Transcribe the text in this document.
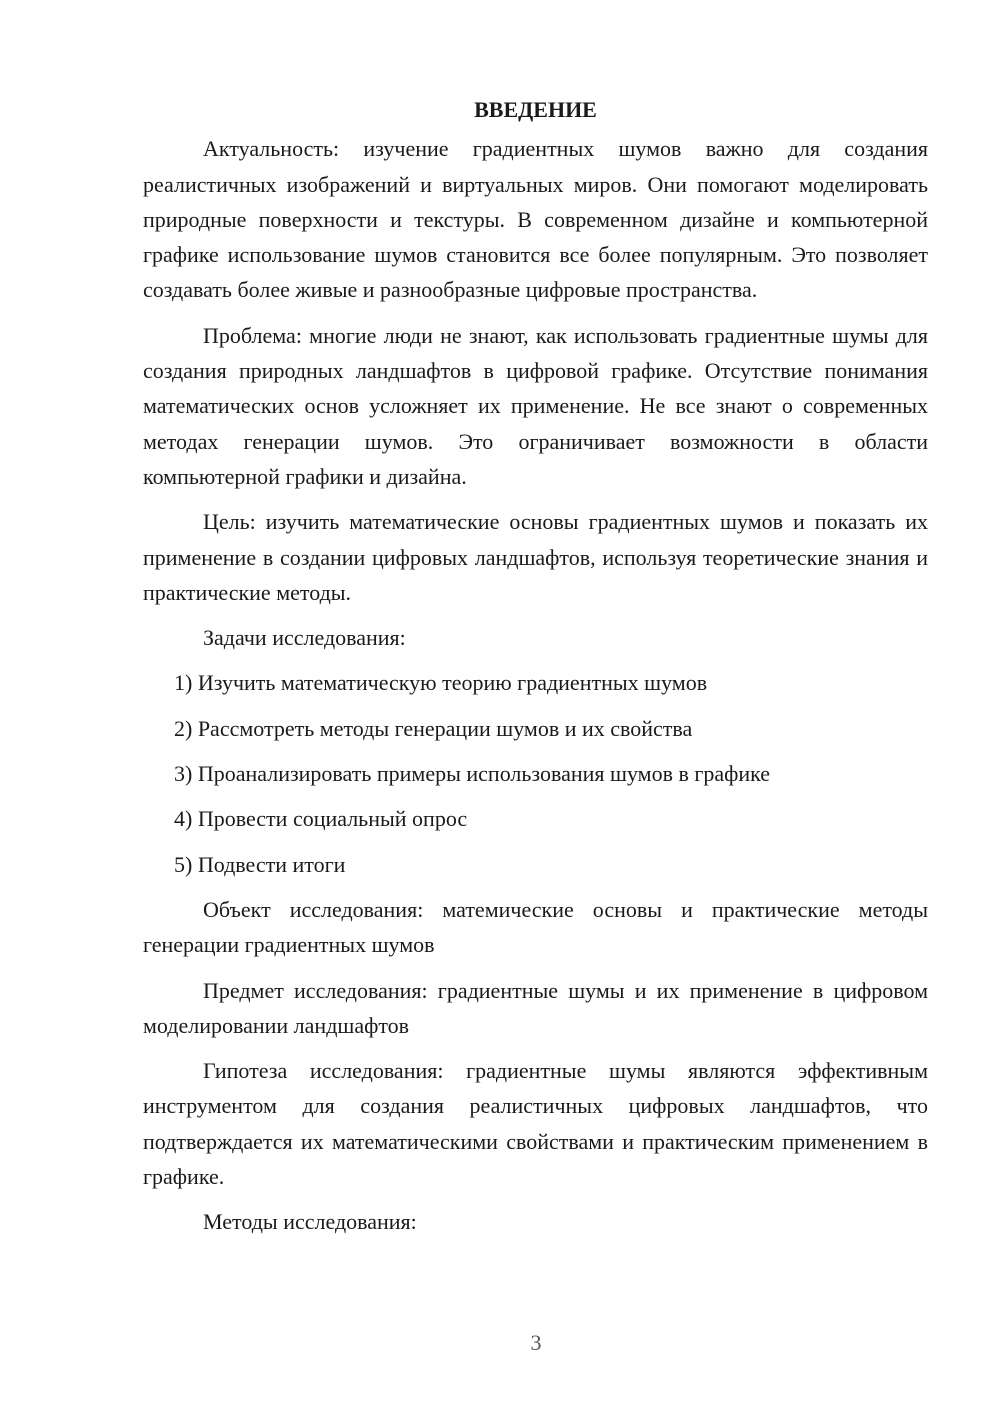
ВВЕДЕНИЕ

Актуальность: изучение градиентных шумов важно для создания реалистичных изображений и виртуальных миров. Они помогают моделировать природные поверхности и текстуры. В современном дизайне и компьютерной графике использование шумов становится все более популярным. Это позволяет создавать более живые и разнообразные цифровые пространства.

Проблема: многие люди не знают, как использовать градиентные шумы для создания природных ландшафтов в цифровой графике. Отсутствие понимания математических основ усложняет их применение. Не все знают о современных методах генерации шумов. Это ограничивает возможности в области компьютерной графики и дизайна.

Цель: изучить математические основы градиентных шумов и показать их применение в создании цифровых ландшафтов, используя теоретические знания и практические методы.

Задачи исследования:

1) Изучить математическую теорию градиентных шумов
2) Рассмотреть методы генерации шумов и их свойства
3) Проанализировать примеры использования шумов в графике
4) Провести социальный опрос
5) Подвести итоги

Объект исследования: матемические основы и практические методы генерации градиентных шумов

Предмет исследования: градиентные шумы и их применение в цифровом моделировании ландшафтов

Гипотеза исследования: градиентные шумы являются эффективным инструментом для создания реалистичных цифровых ландшафтов, что подтверждается их математическими свойствами и практическим применением в графике.

Методы исследования:

3
